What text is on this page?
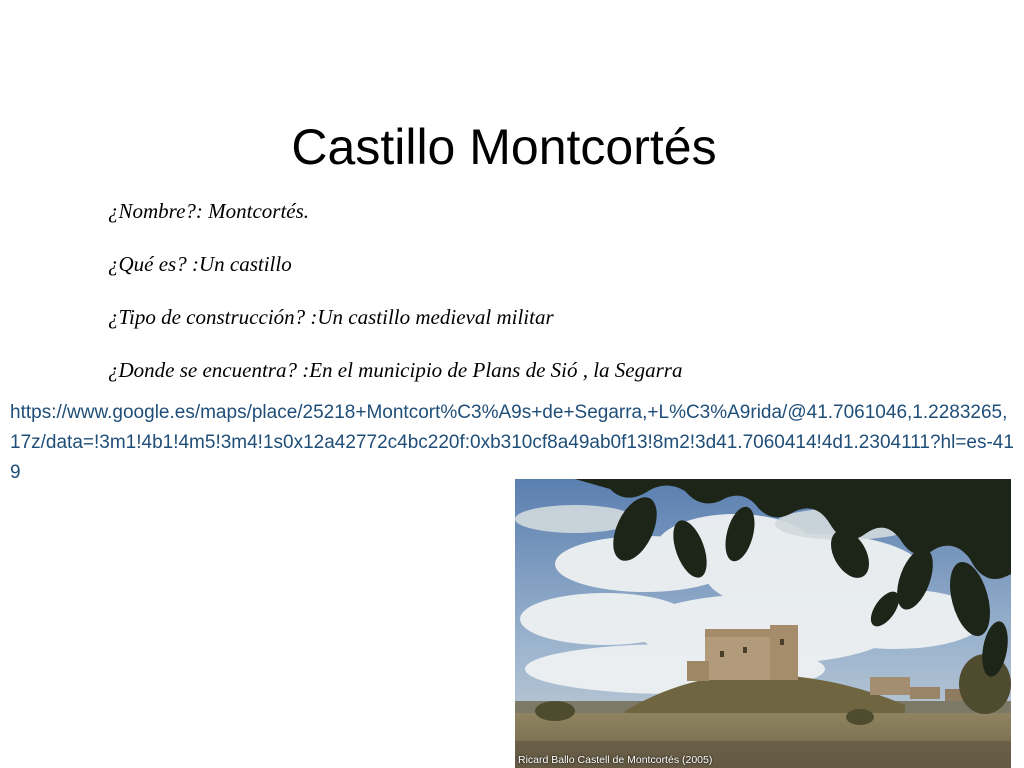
Castillo Montcortés
¿Nombre?: Montcortés.
¿Qué es? :Un castillo
¿Tipo de construcción? :Un castillo medieval militar
¿Donde se encuentra? :En el municipio de Plans de Sió , la Segarra
https://www.google.es/maps/place/25218+Montcort%C3%A9s+de+Segarra,+L%C3%A9rida/@41.7061046,1.2283265,17z/data=!3m1!4b1!4m5!3m4!1s0x12a42772c4bc220f:0xb310cf8a49ab0f13!8m2!3d41.7060414!4d1.2304111?hl=es-419
Ricard Ballo Castell de Montcortés (2005)
